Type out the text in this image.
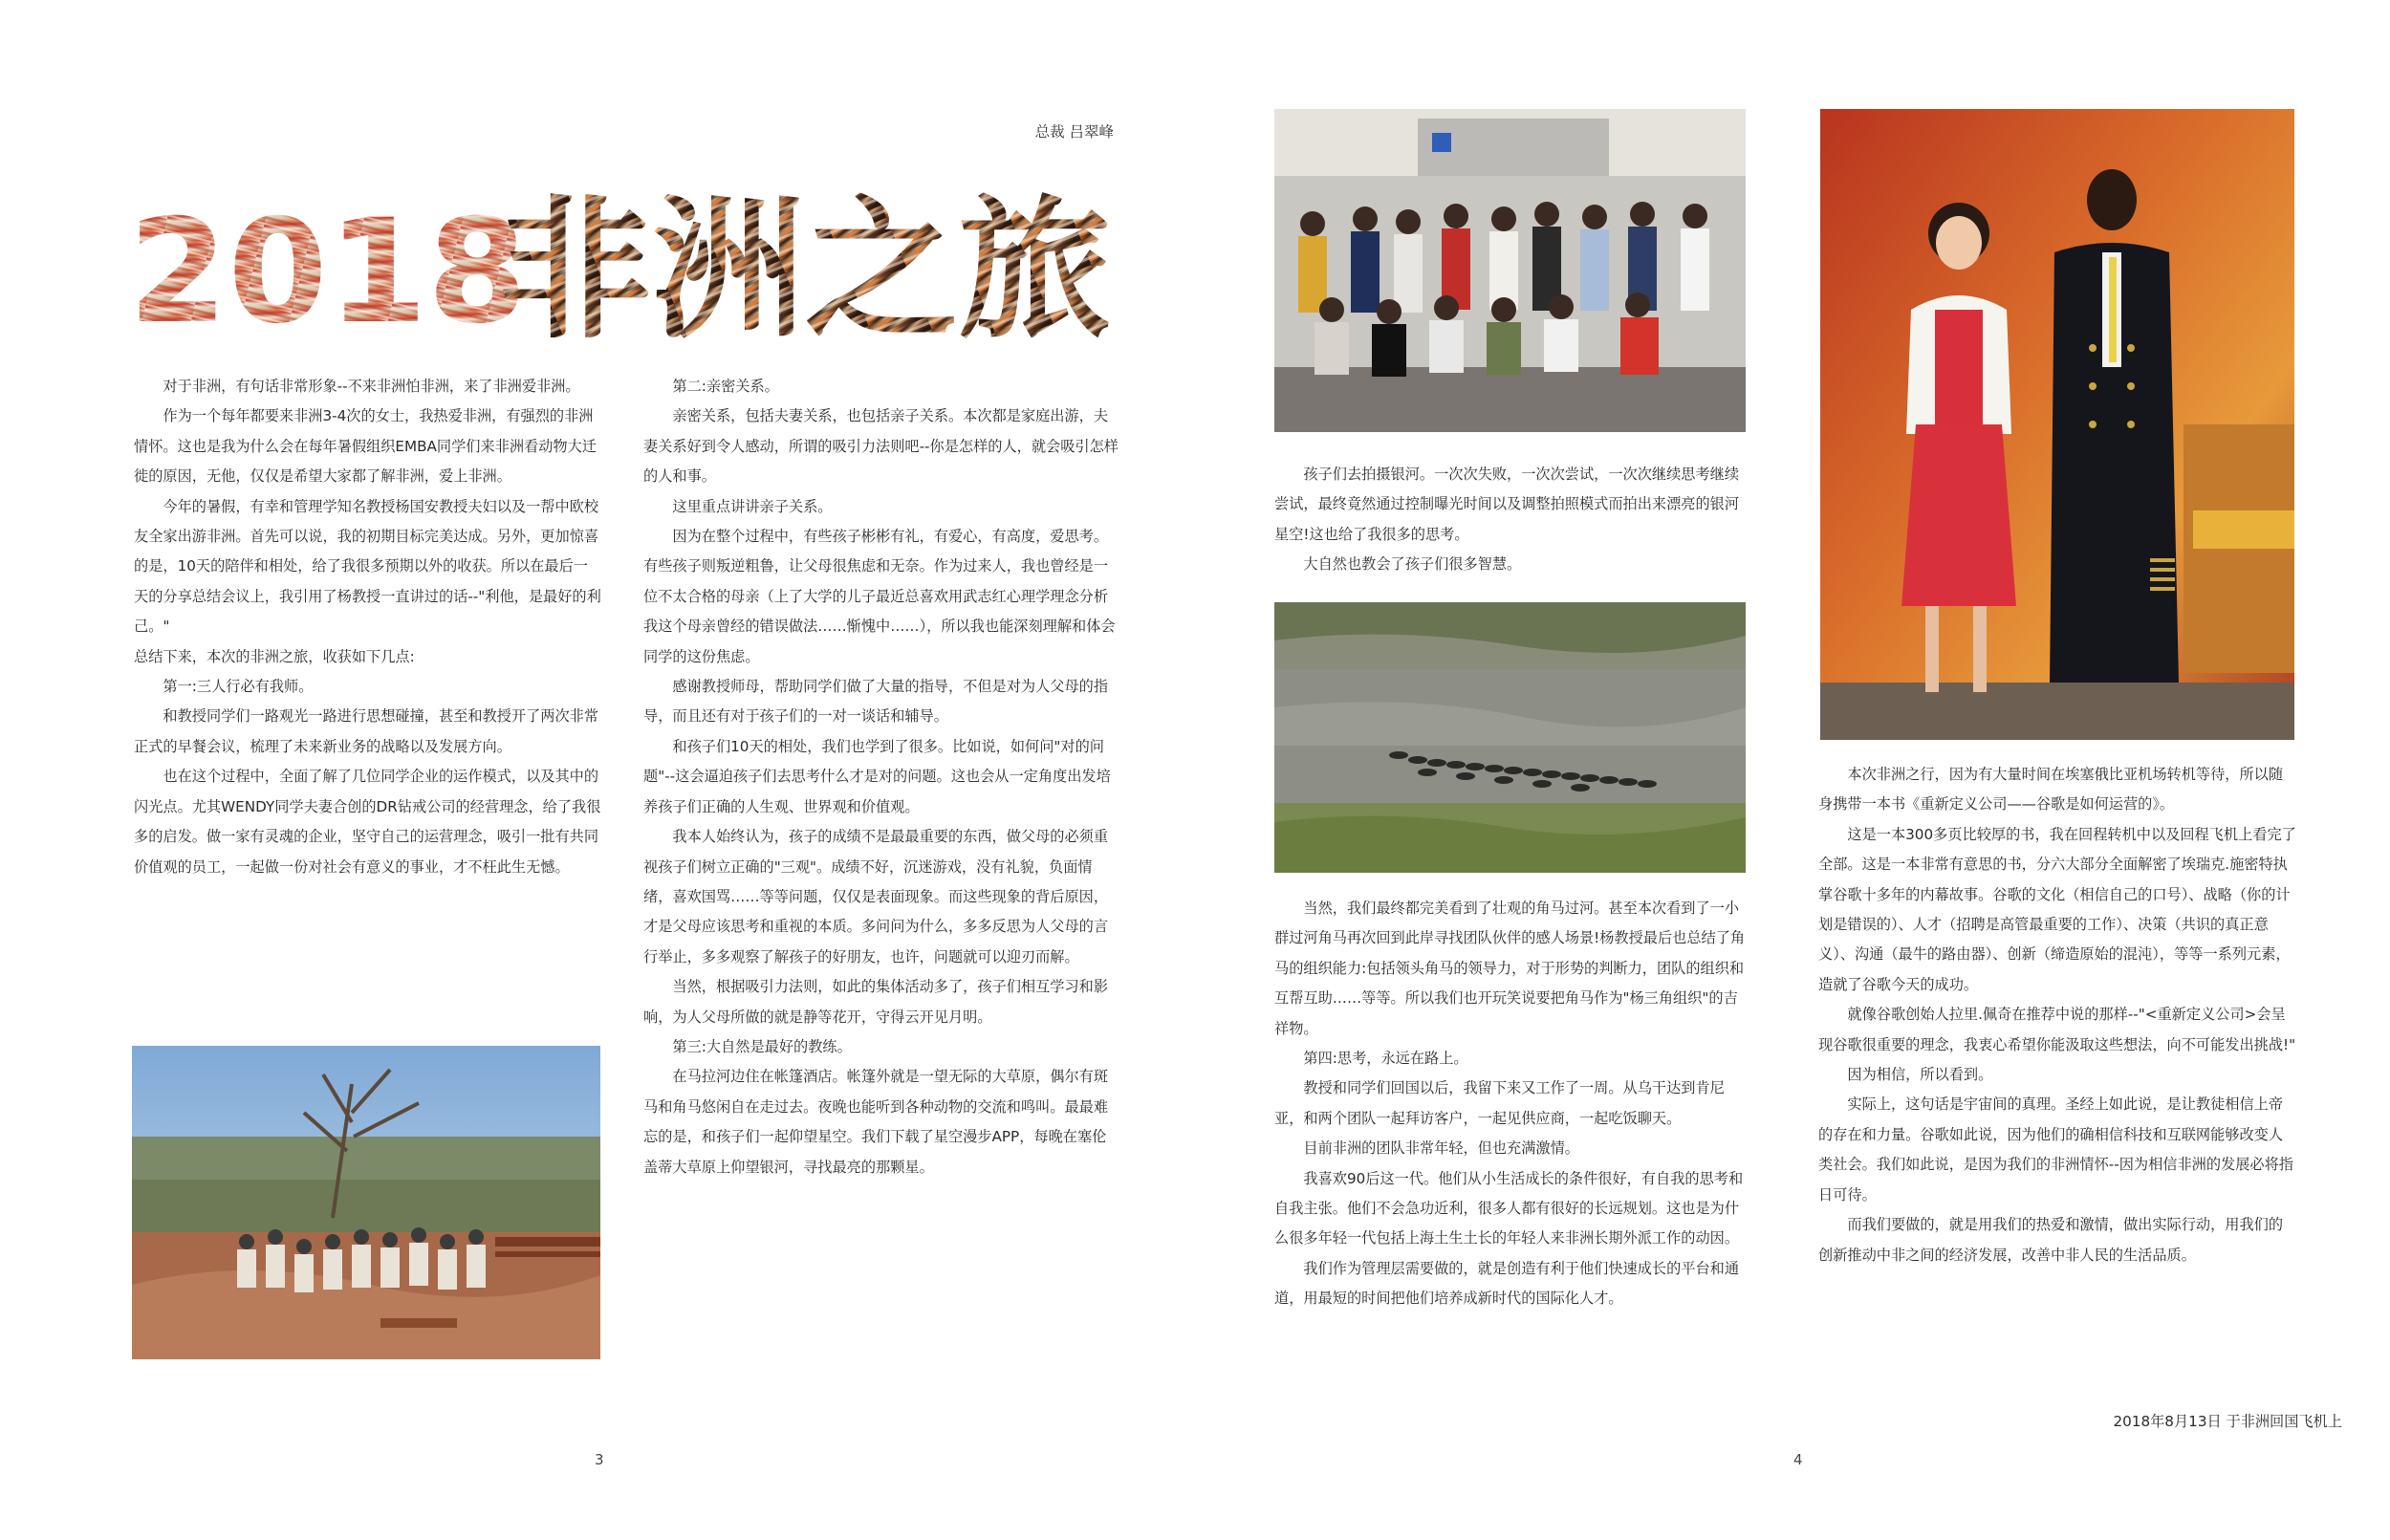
总裁 吕翠峰
2018
非洲之旅

对于非洲，有句话非常形象--不来非洲怕非洲，来了非洲爱非洲。

作为一个每年都要来非洲3-4次的女士，我热爱非洲，有强烈的非洲情怀。这也是我为什么会在每年暑假组织EMBA同学们来非洲看动物大迁徙的原因，无他，仅仅是希望大家都了解非洲，爱上非洲。

今年的暑假，有幸和管理学知名教授杨国安教授夫妇以及一帮中欧校友全家出游非洲。首先可以说，我的初期目标完美达成。另外，更加惊喜的是，10天的陪伴和相处，给了我很多预期以外的收获。所以在最后一天的分享总结会议上，我引用了杨教授一直讲过的话--"利他，是最好的利己。"

总结下来，本次的非洲之旅，收获如下几点:

第一:三人行必有我师。

和教授同学们一路观光一路进行思想碰撞，甚至和教授开了两次非常正式的早餐会议，梳理了未来新业务的战略以及发展方向。

也在这个过程中，全面了解了几位同学企业的运作模式，以及其中的闪光点。尤其WENDY同学夫妻合创的DR钻戒公司的经营理念，给了我很多的启发。做一家有灵魂的企业，坚守自己的运营理念，吸引一批有共同价值观的员工，一起做一份对社会有意义的事业，才不枉此生无憾。

第二:亲密关系。

亲密关系，包括夫妻关系，也包括亲子关系。本次都是家庭出游，夫妻关系好到令人感动，所谓的吸引力法则吧--你是怎样的人，就会吸引怎样的人和事。

这里重点讲讲亲子关系。

因为在整个过程中，有些孩子彬彬有礼，有爱心，有高度，爱思考。有些孩子则叛逆粗鲁，让父母很焦虑和无奈。作为过来人，我也曾经是一位不太合格的母亲（上了大学的儿子最近总喜欢用武志红心理学理念分析我这个母亲曾经的错误做法……惭愧中……），所以我也能深刻理解和体会同学的这份焦虑。

感谢教授师母，帮助同学们做了大量的指导，不但是对为人父母的指导，而且还有对于孩子们的一对一谈话和辅导。

和孩子们10天的相处，我们也学到了很多。比如说，如何问"对的问题"--这会逼迫孩子们去思考什么才是对的问题。这也会从一定角度出发培养孩子们正确的人生观、世界观和价值观。

我本人始终认为，孩子的成绩不是最最重要的东西，做父母的必须重视孩子们树立正确的"三观"。成绩不好，沉迷游戏，没有礼貌，负面情绪，喜欢国骂……等等问题，仅仅是表面现象。而这些现象的背后原因，才是父母应该思考和重视的本质。多问问为什么，多多反思为人父母的言行举止，多多观察了解孩子的好朋友，也许，问题就可以迎刃而解。

当然，根据吸引力法则，如此的集体活动多了，孩子们相互学习和影响，为人父母所做的就是静等花开，守得云开见月明。

第三:大自然是最好的教练。

在马拉河边住在帐篷酒店。帐篷外就是一望无际的大草原，偶尔有斑马和角马悠闲自在走过去。夜晚也能听到各种动物的交流和鸣叫。最最难忘的是，和孩子们一起仰望星空。我们下载了星空漫步APP，每晚在塞伦盖蒂大草原上仰望银河，寻找最亮的那颗星。

3

孩子们去拍摄银河。一次次失败，一次次尝试，一次次继续思考继续尝试，最终竟然通过控制曝光时间以及调整拍照模式而拍出来漂亮的银河星空!这也给了我很多的思考。

大自然也教会了孩子们很多智慧。

当然，我们最终都完美看到了壮观的角马过河。甚至本次看到了一小群过河角马再次回到此岸寻找团队伙伴的感人场景!杨教授最后也总结了角马的组织能力:包括领头角马的领导力，对于形势的判断力，团队的组织和互帮互助……等等。所以我们也开玩笑说要把角马作为"杨三角组织"的吉祥物。

第四:思考，永远在路上。

教授和同学们回国以后，我留下来又工作了一周。从乌干达到肯尼亚，和两个团队一起拜访客户，一起见供应商，一起吃饭聊天。

目前非洲的团队非常年轻，但也充满激情。

我喜欢90后这一代。他们从小生活成长的条件很好，有自我的思考和自我主张。他们不会急功近利，很多人都有很好的长远规划。这也是为什么很多年轻一代包括上海土生土长的年轻人来非洲长期外派工作的动因。

我们作为管理层需要做的，就是创造有利于他们快速成长的平台和通道，用最短的时间把他们培养成新时代的国际化人才。

本次非洲之行，因为有大量时间在埃塞俄比亚机场转机等待，所以随身携带一本书《重新定义公司——谷歌是如何运营的》。

这是一本300多页比较厚的书，我在回程转机中以及回程飞机上看完了全部。这是一本非常有意思的书，分六大部分全面解密了埃瑞克.施密特执掌谷歌十多年的内幕故事。谷歌的文化（相信自己的口号）、战略（你的计划是错误的）、人才（招聘是高管最重要的工作）、决策（共识的真正意义）、沟通（最牛的路由器）、创新（缔造原始的混沌），等等一系列元素，造就了谷歌今天的成功。

就像谷歌创始人拉里.佩奇在推荐中说的那样--"<重新定义公司>会呈现谷歌很重要的理念，我衷心希望你能汲取这些想法，向不可能发出挑战!"

因为相信，所以看到。

实际上，这句话是宇宙间的真理。圣经上如此说，是让教徒相信上帝的存在和力量。谷歌如此说，因为他们的确相信科技和互联网能够改变人类社会。我们如此说，是因为我们的非洲情怀--因为相信非洲的发展必将指日可待。

而我们要做的，就是用我们的热爱和激情，做出实际行动，用我们的创新推动中非之间的经济发展，改善中非人民的生活品质。

2018年8月13日 于非洲回国飞机上
4
